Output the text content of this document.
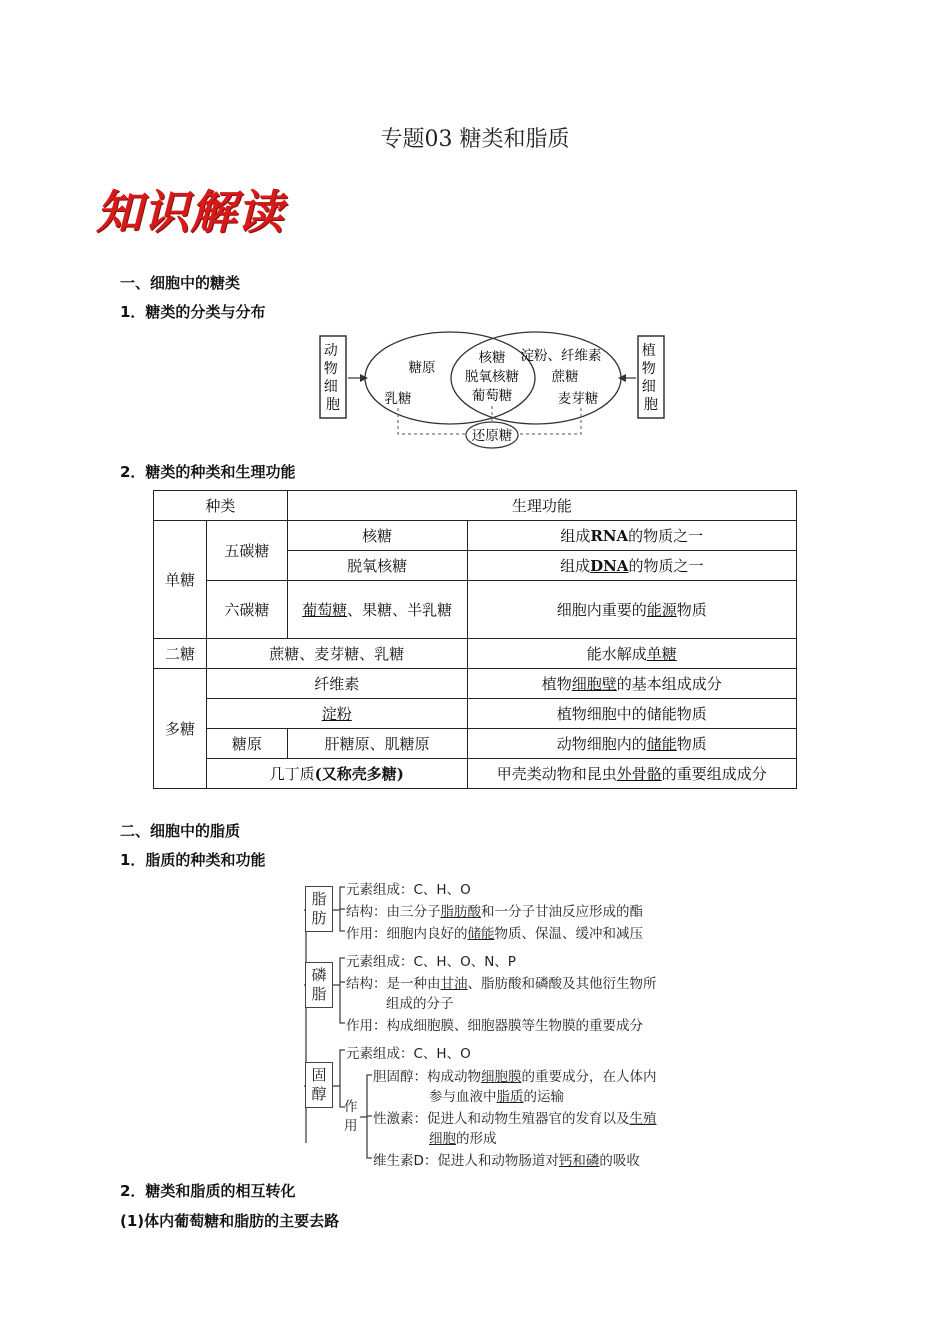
专题03 糖类和脂质
知识解读
一、细胞中的糖类
1．糖类的分类与分布
动 物 细 胞
植 物 细 胞
糖原
乳糖
核糖
脱氧核糖
葡萄糖
淀粉、纤维素
蔗糖
麦芽糖
还原糖
2．糖类的种类和生理功能
种类		生理功能	
单糖	五碳糖	核糖	组成RNA的物质之一
		脱氧核糖	组成DNA的物质之一
	六碳糖	葡萄糖、果糖、半乳糖	细胞内重要的能源物质
二糖	蔗糖、麦芽糖、乳糖		能水解成单糖
多糖	纤维素		植物细胞壁的基本组成成分
	淀粉		植物细胞中的储能物质
	糖原	肝糖原、肌糖原	动物细胞内的储能物质
	几丁质(又称壳多糖)		甲壳类动物和昆虫外骨骼的重要组成成分
二、细胞中的脂质
1．脂质的种类和功能
脂
肪
磷
脂
固
醇
元素组成：C、H、O
结构：由三分子脂肪酸和一分子甘油反应形成的酯
作用：细胞内良好的储能物质、保温、缓冲和减压
元素组成：C、H、O、N、P
结构：是一种由甘油、脂肪酸和磷酸及其他衍生物所
组成的分子
作用：构成细胞膜、细胞器膜等生物膜的重要成分
元素组成：C、H、O
作
用
胆固醇：构成动物细胞膜的重要成分，在人体内
参与血液中脂质的运输
性激素：促进人和动物生殖器官的发育以及生殖
细胞的形成
维生素D：促进人和动物肠道对钙和磷的吸收
2．糖类和脂质的相互转化
(1)体内葡萄糖和脂肪的主要去路
